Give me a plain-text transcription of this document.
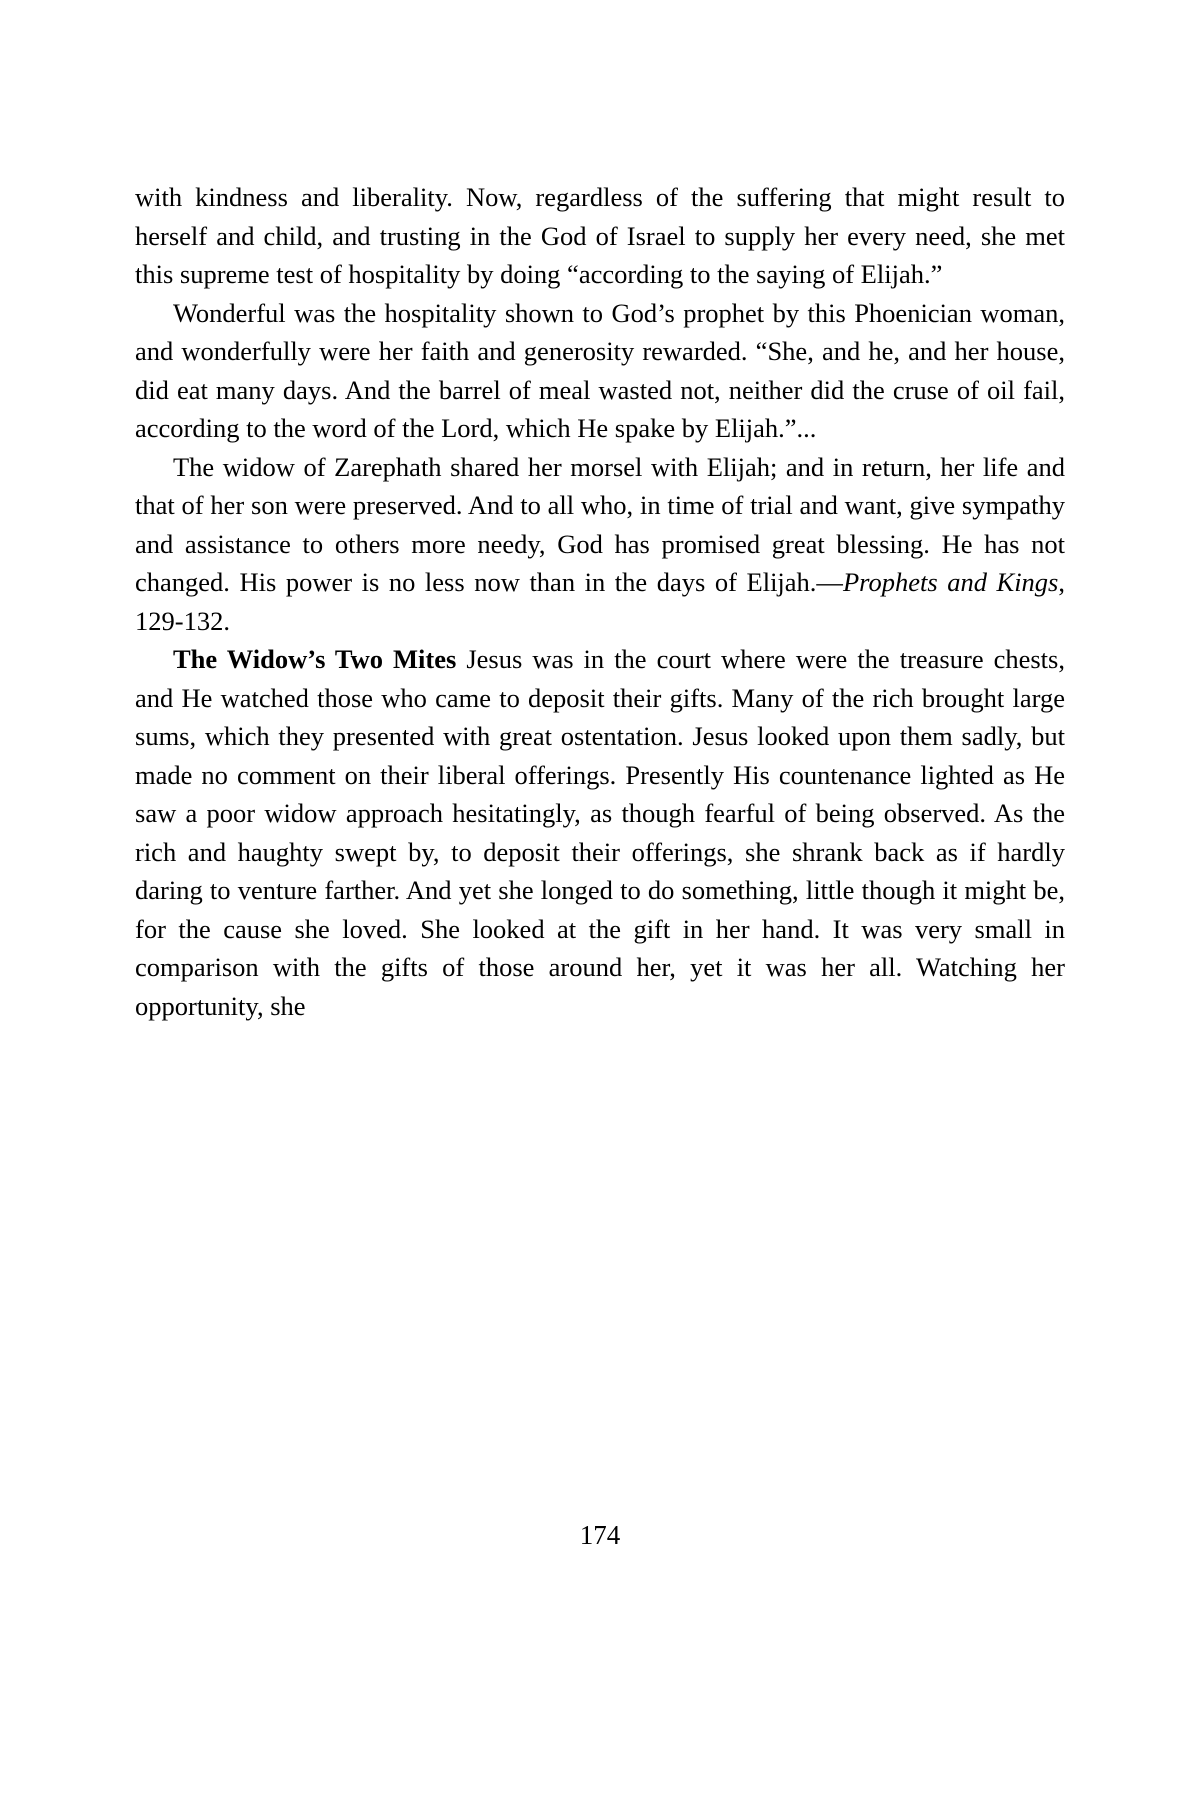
with kindness and liberality. Now, regardless of the suffering that might result to herself and child, and trusting in the God of Israel to supply her every need, she met this supreme test of hospitality by doing “according to the saying of Elijah.”

Wonderful was the hospitality shown to God’s prophet by this Phoenician woman, and wonderfully were her faith and generosity rewarded. “She, and he, and her house, did eat many days. And the barrel of meal wasted not, neither did the cruse of oil fail, according to the word of the Lord, which He spake by Elijah.”...

The widow of Zarephath shared her morsel with Elijah; and in return, her life and that of her son were preserved. And to all who, in time of trial and want, give sympathy and assistance to others more needy, God has promised great blessing. He has not changed. His power is no less now than in the days of Elijah.—Prophets and Kings, 129-132.

The Widow’s Two Mites Jesus was in the court where were the treasure chests, and He watched those who came to deposit their gifts. Many of the rich brought large sums, which they presented with great ostentation. Jesus looked upon them sadly, but made no comment on their liberal offerings. Presently His countenance lighted as He saw a poor widow approach hesitatingly, as though fearful of being observed. As the rich and haughty swept by, to deposit their offerings, she shrank back as if hardly daring to venture farther. And yet she longed to do something, little though it might be, for the cause she loved. She looked at the gift in her hand. It was very small in comparison with the gifts of those around her, yet it was her all. Watching her opportunity, she

174
